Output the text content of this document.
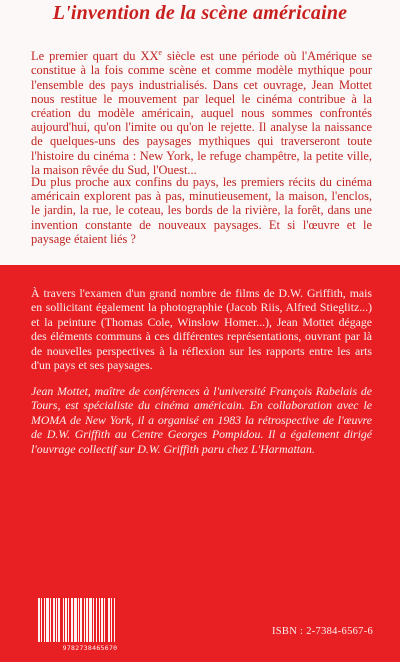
L'invention de la scène américaine

Le premier quart du XXe siècle est une période où l'Amérique se constitue à la fois comme scène et comme modèle mythique pour l'ensemble des pays industrialisés. Dans cet ouvrage, Jean Mottet nous restitue le mouvement par lequel le cinéma contribue à la création du modèle américain, auquel nous sommes confrontés aujourd'hui, qu'on l'imite ou qu'on le rejette. Il analyse la naissance de quelques-uns des paysages mythiques qui traverseront toute l'histoire du cinéma : New York, le refuge champêtre, la petite ville, la maison rêvée du Sud, l'Ouest...

Du plus proche aux confins du pays, les premiers récits du cinéma américain explorent pas à pas, minutieusement, la maison, l'enclos, le jardin, la rue, le coteau, les bords de la rivière, la forêt, dans une invention constante de nouveaux paysages. Et si l'œuvre et le paysage étaient liés ?

À travers l'examen d'un grand nombre de films de D.W. Griffith, mais en sollicitant également la photographie (Jacob Riis, Alfred Stieglitz...) et la peinture (Thomas Cole, Winslow Homer...), Jean Mottet dégage des éléments communs à ces différentes représentations, ouvrant par là de nouvelles perspectives à la réflexion sur les rapports entre les arts d'un pays et ses paysages.

Jean Mottet, maître de conférences à l'université François Rabelais de Tours, est spécialiste du cinéma américain. En collaboration avec le MOMA de New York, il a organisé en 1983 la rétrospective de l'œuvre de D.W. Griffith au Centre Georges Pompidou. Il a également dirigé l'ouvrage collectif sur D.W. Griffith paru chez L'Harmattan.

9782738465670
ISBN : 2-7384-6567-6
